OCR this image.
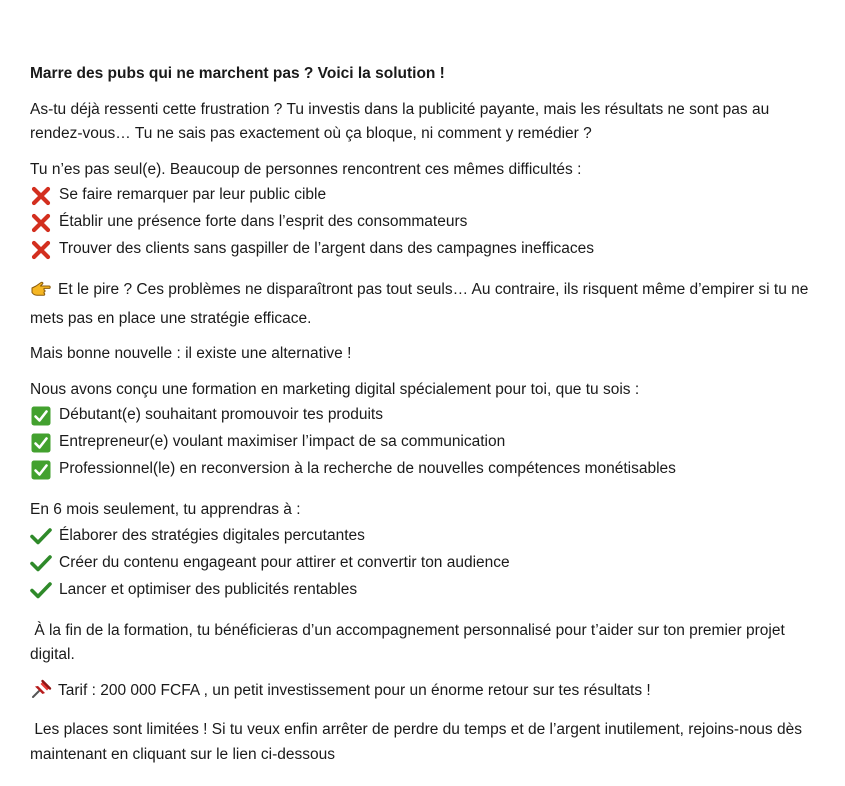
Marre des pubs qui ne marchent pas ? Voici la solution !

As-tu déjà ressenti cette frustration ? Tu investis dans la publicité payante, mais les résultats ne sont pas au rendez-vous… Tu ne sais pas exactement où ça bloque, ni comment y remédier ?

Tu n’es pas seul(e). Beaucoup de personnes rencontrent ces mêmes difficultés :

Se faire remarquer par leur public cible
Établir une présence forte dans l’esprit des consommateurs
Trouver des clients sans gaspiller de l’argent dans des campagnes inefficaces

Et le pire ? Ces problèmes ne disparaîtront pas tout seuls… Au contraire, ils risquent même d’empirer si tu ne mets pas en place une stratégie efficace.

Mais bonne nouvelle : il existe une alternative !

Nous avons conçu une formation en marketing digital spécialement pour toi, que tu sois :

Débutant(e) souhaitant promouvoir tes produits
Entrepreneur(e) voulant maximiser l’impact de sa communication
Professionnel(le) en reconversion à la recherche de nouvelles compétences monétisables

En 6 mois seulement, tu apprendras à :

Élaborer des stratégies digitales percutantes
Créer du contenu engageant pour attirer et convertir ton audience
Lancer et optimiser des publicités rentables

À la fin de la formation, tu bénéficieras d’un accompagnement personnalisé pour t’aider sur ton premier projet digital.

Tarif : 200 000 FCFA , un petit investissement pour un énorme retour sur tes résultats !

Les places sont limitées ! Si tu veux enfin arrêter de perdre du temps et de l’argent inutilement, rejoins-nous dès maintenant en cliquant sur le lien ci-dessous
